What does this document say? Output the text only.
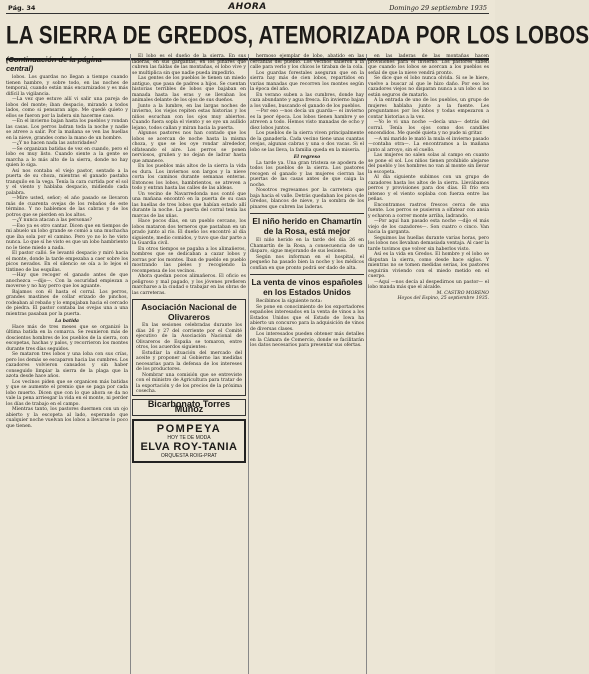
Pág. 34	AHORA	Domingo 29 septiembre 1935
LA SIERRA DE GREDOS, ATEMORIZADA POR LOS LOBOS
(Continuación de la página central)

lobos. Los guardas no llegan a tiempo cuando tienen hambre, y sobre todo, en las noches de temporal, cuando están más encarnizados y es más difícil la vigilancia.

—La vez que estuve allí vi salir una pareja de lobos del monte; iban despacio, mirando a todos lados, como si pensaran algo. Me quedé quieto y ellos se fueron por la ladera sin hacerme caso.

—En el invierno bajan hasta los pueblos y rondan las casas. Los perros ladran toda la noche y nadie se atreve a salir. Por la mañana se ven las huellas en la nieve, grandes como la mano de un hombre.

—¿Y no hacen nada las autoridades?

—Se organizan batidas de vez en cuando, pero el lobo es muy listo. Cuando siente a la gente se marcha a lo más alto de la sierra, donde no hay quien lo siga.

Así nos contaba el viejo pastor, sentado a la puerta de su choza, mientras el ganado pastaba tranquilo en la vega. Tenía la cara curtida por el sol y el viento y hablaba despacio, midiendo cada palabra.

—Mire usted, señor; el año pasado se llevaron más de cuarenta ovejas de los rebaños de este término. Y no hablemos de las cabras y de los potros que se pierden en los altos.

—¿Y nunca atacan a las personas?

—Eso ya es otro cantar. Dicen que en tiempos de mi abuelo un lobo grande se comió a una muchacha que iba sola por el camino. Pero yo no lo he visto nunca. Lo que sí he visto es que un lobo hambriento no le tiene miedo a nada.

El pastor calló. Se levantó despacio y miró hacia el monte, donde la tarde empezaba a caer sobre los picos nevados. En el silencio se oía a lo lejos el tintineo de las esquilas.

—Hay que recoger el ganado antes de que anochezca —dijo—. Con la oscuridad empiezan a moverse y no hay perro que los aguante.

Bajamos con él hasta el corral. Los perros, grandes mastines de collar erizado de pinchos, rodeaban al rebaño y lo empujaban hacia el cercado de piedra. El pastor contaba las ovejas una a una mientras pasaban por la puerta.

La batida

Hace más de tres meses que se organizó la última batida en la comarca. Se reunieron más de doscientos hombres de los pueblos de la sierra, con escopetas, hachas y palos, y recorrieron los montes durante tres días seguidos.

Se mataron tres lobos y una loba con sus crías, pero los demás se escaparon hacia las cumbres. Los cazadores volvieron cansados y sin haber conseguido limpiar la sierra de la plaga que la azota desde hace años.

Los vecinos piden que se organicen más batidas y que se aumente el premio que se paga por cada lobo muerto. Dicen que con lo que ahora se da no vale la pena arriesgar la vida en el monte, ni perder los días de trabajo en el campo.

Mientras tanto, los pastores duermen con un ojo abierto y la escopeta al lado, esperando que cualquier noche vuelvan los lobos a llevarse lo poco que tienen.

El lobo es el dueño de la sierra. En sus laderas, en sus gargantas, en los pinares que cubren las faldas de las montañas, el lobo vive y se multiplica sin que nadie pueda impedirlo.

Las gentes de los pueblos le tienen un miedo antiguo, que pasa de padres a hijos. Se cuentan historias terribles de lobos que bajaban en manada hasta las eras y se llevaban los animales delante de los ojos de sus dueños.

Junto a la lumbre, en las largas noches de invierno, los viejos repiten estas historias y los niños escuchan con los ojos muy abiertos. Cuando fuera sopla el viento y se oye un aullido lejano, todos callan y miran hacia la puerta.

Algunos pastores nos han contado que los lobos se acercan de noche hasta la misma choza, y que se les oye rondar alrededor, olfateando el aire. Los perros se ponen nerviosos, gruñen y no dejan de ladrar hasta que amanece.

En los pueblos más altos de la sierra la vida es dura. Los inviernos son largos y la nieve corta los caminos durante semanas enteras. Entonces los lobos, hambrientos, se atreven a todo y entran hasta las calles de las aldeas.

Un vecino de Navarredonda nos contó que una mañana encontró en la puerta de su casa las huellas de tres lobos que habían estado allí durante la noche. La puerta del corral tenía las marcas de las uñas.

Hace pocos días, en un pueblo cercano, los lobos mataron dos terneros que pastaban en un prado junto al río. El dueño los encontró al día siguiente, medio comidos, y tuvo que dar parte a la Guardia civil.

En otros tiempos se pagaba a los alimañeros, hombres que se dedicaban a cazar lobos y zorras por los montes. Iban de pueblo en pueblo mostrando las pieles y recogiendo la recompensa de los vecinos.

Ahora quedan pocos alimañeros. El oficio es peligroso y mal pagado, y los jóvenes prefieren marcharse a la ciudad o trabajar en las obras de las carreteras.

Asociación Nacional de Olivareros

En las sesiones celebradas durante los días 26 y 27 del corriente por el Comité ejecutivo de la Asociación Nacional de Olivareros de España se tomaron, entre otros, los acuerdos siguientes:

Estudiar la situación del mercado del aceite y proponer al Gobierno las medidas necesarias para la defensa de los intereses de los productores.

Nombrar una comisión que se entreviste con el ministro de Agricultura para tratar de la exportación y de los precios de la próxima cosecha.

Bicarbonato Torres Muñoz
POMPEYA
HOY TE DE MODA
ELVA ROY-TANIA
ORQUESTA ROIG-PRAT

hermoso ejemplar de lobo, abatido en las cercanías del pueblo. Los vecinos salieron a la calle para verlo y los chicos le tiraban de la cola.

Los guardas forestales aseguran que en la sierra hay más de cien lobos, repartidos en varias manadas que recorren los montes según la época del año.

En verano suben a las cumbres, donde hay caza abundante y agua fresca. En invierno bajan a los valles, buscando el ganado de los pueblos.

—Por eso —nos decía un guarda— el invierno es la peor época. Los lobos tienen hambre y se atreven a todo. Hemos visto manadas de ocho y diez lobos juntos.

Los pueblos de la sierra viven principalmente de la ganadería. Cada vecino tiene unas cuantas ovejas, algunas cabras y una o dos vacas. Si el lobo se las lleva, la familia queda en la miseria.

El regreso

La tarde ya. Una gran tristeza se apodera de todos los pueblos de la sierra. Los pastores recogen el ganado y las mujeres cierran las puertas de las casas antes de que caiga la noche.

Nosotros regresamos por la carretera que baja hacia el valle. Detrás quedaban los picos de Gredos, blancos de nieve, y la sombra de los pinares que cubren las laderas.

El niño herido en Chamartín de la Rosa, está mejor

El niño herido en la tarde del día 26 en Chamartín de la Rosa, a consecuencia de un disparo, sigue mejorando de sus lesiones.

Según nos informan en el hospital, el pequeño ha pasado bien la noche y los médicos confían en que pronto podrá ser dado de alta.

La venta de vinos españoles en los Estados Unidos

Recibimos la siguiente nota:

Se pone en conocimiento de los exportadores españoles interesados en la venta de vinos a los Estados Unidos que el Estado de Iowa ha abierto un concurso para la adquisición de vinos de diversas clases.

Los interesados pueden obtener más detalles en la Cámara de Comercio, donde se facilitarán los datos necesarios para presentar sus ofertas.

en las laderas de las montañas hacen provisiones para el invierno. Los pastores saben que cuando los lobos se acercan a los pueblos es señal de que la nieve vendrá pronto.

Se dice que el lobo nunca olvida. Si se le hiere, vuelve a buscar al que le hizo daño. Por eso los cazadores viejos no disparan nunca a un lobo si no están seguros de matarlo.

A la entrada de uno de los pueblos, un grupo de mujeres hablaba junto a la fuente. Les preguntamos por los lobos y todas empezaron a contar historias a la vez.

—Yo le vi una noche —decía una— detrás del corral. Tenía los ojos como dos candiles encendidos. Me quedé quieta y no pude ni gritar.

—A mi marido le mató la mula el invierno pasado —contaba otra—. La encontramos a la mañana junto al arroyo, sin el cuello.

Las mujeres no salen solas al campo en cuanto se pone el sol. Los niños tienen prohibido alejarse del pueblo y los hombres no van al monte sin llevar la escopeta.

Al día siguiente subimos con un grupo de cazadores hasta los altos de la sierra. Llevábamos perros y provisiones para dos días. El frío era intenso y el viento soplaba con fuerza entre las peñas.

Encontramos rastros frescos cerca de una fuente. Los perros se pusieron a olfatear con ansia y echaron a correr monte arriba, ladrando.

—Por aquí han pasado esta noche —dijo el más viejo de los cazadores—. Son cuatro o cinco. Van hacia la garganta.

Seguimos las huellas durante varias horas, pero los lobos nos llevaban demasiada ventaja. Al caer la tarde tuvimos que volver sin haberlos visto.

Así es la vida en Gredos. El hombre y el lobo se disputan la sierra, como desde hace siglos. Y mientras no se tomen medidas serias, los pastores seguirán viviendo con el miedo metido en el cuerpo.

—Aquí —nos decía al despedirnos un pastor— el lobo manda más que el alcalde.

M. CASTRO MORENO

Hoyos del Espino, 25 septiembre 1935.
